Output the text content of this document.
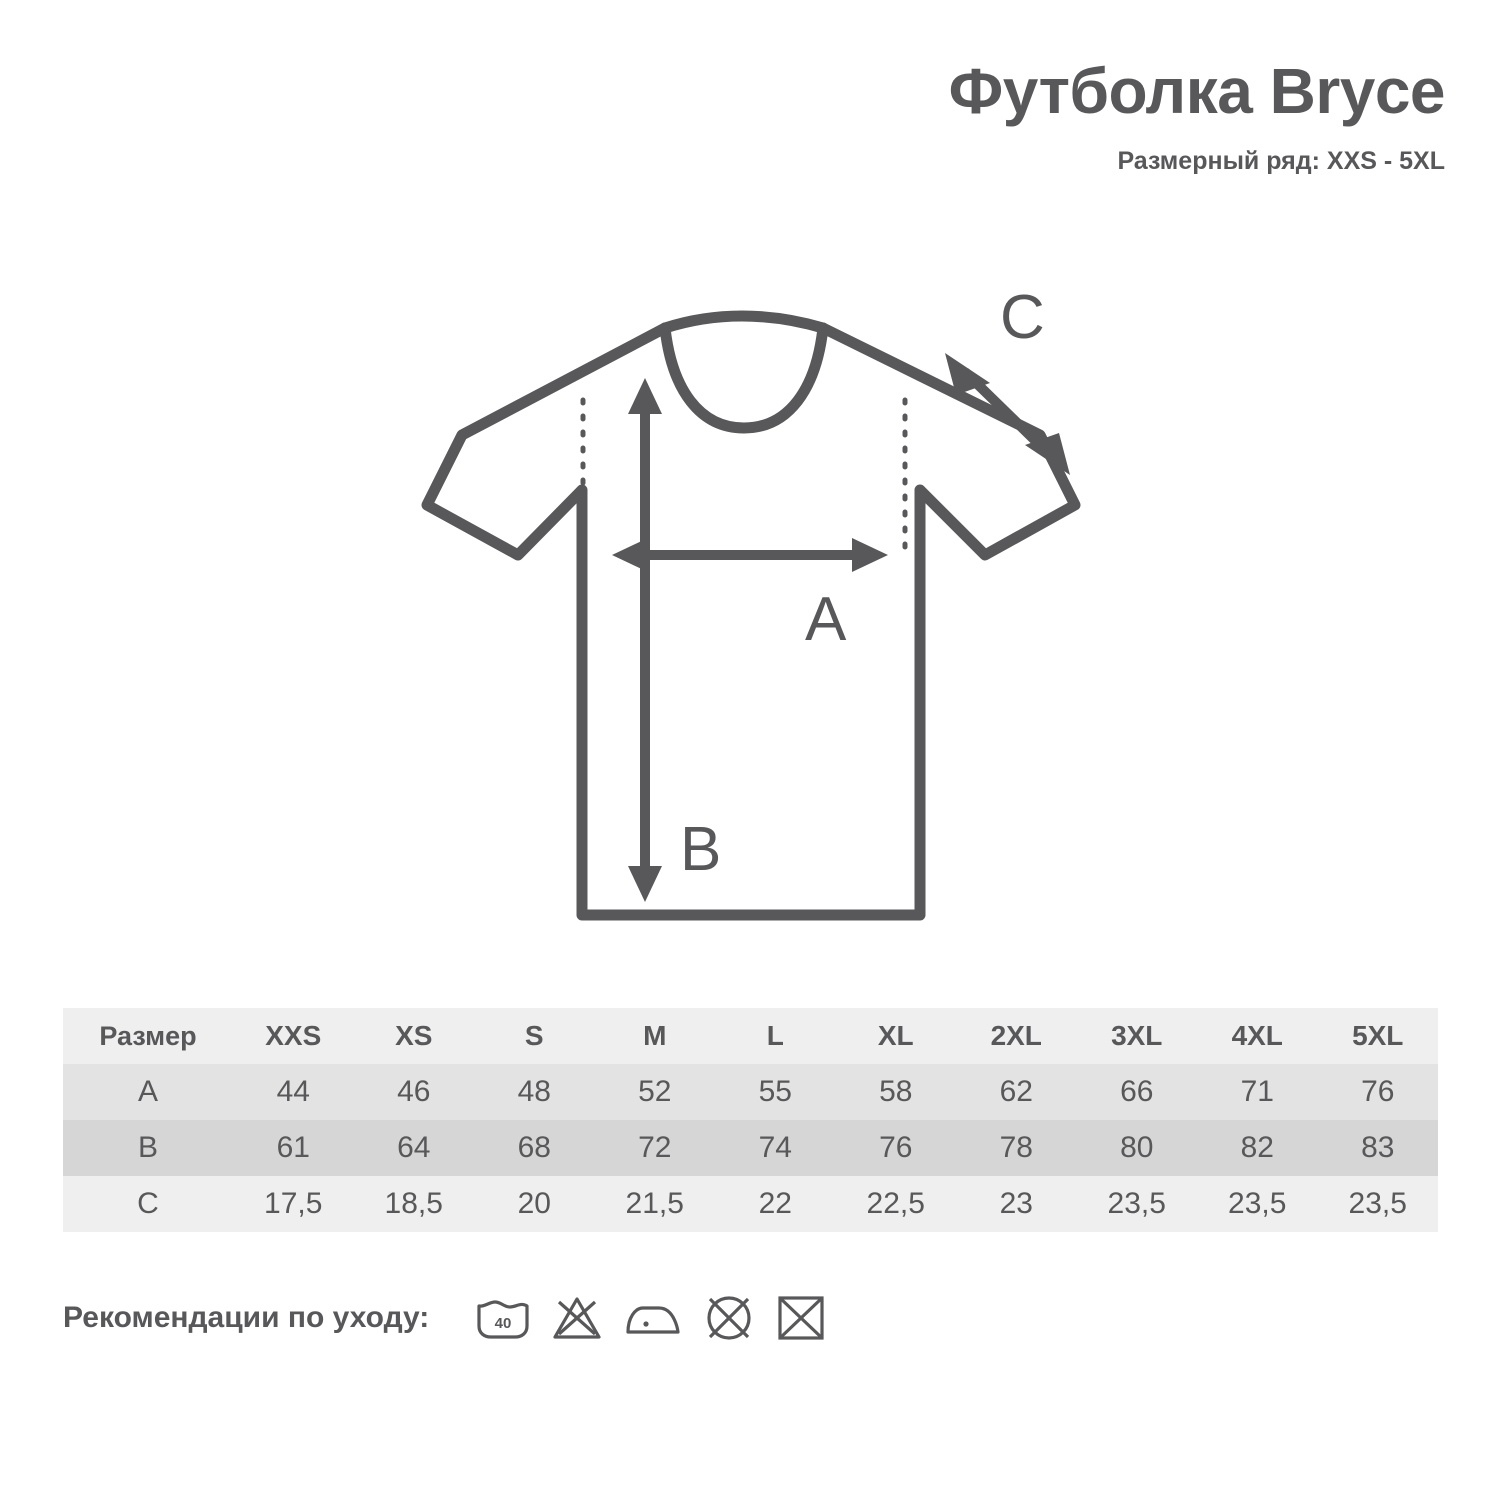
Футболка Bryce
Размерный ряд: XXS - 5XL
A
B
C
Размер	XXS	XS	S	M	L	XL	2XL	3XL	4XL	5XL
A	44	46	48	52	55	58	62	66	71	76
B	61	64	68	72	74	76	78	80	82	83
C	17,5	18,5	20	21,5	22	22,5	23	23,5	23,5	23,5
Рекомендации по уходу:	40
